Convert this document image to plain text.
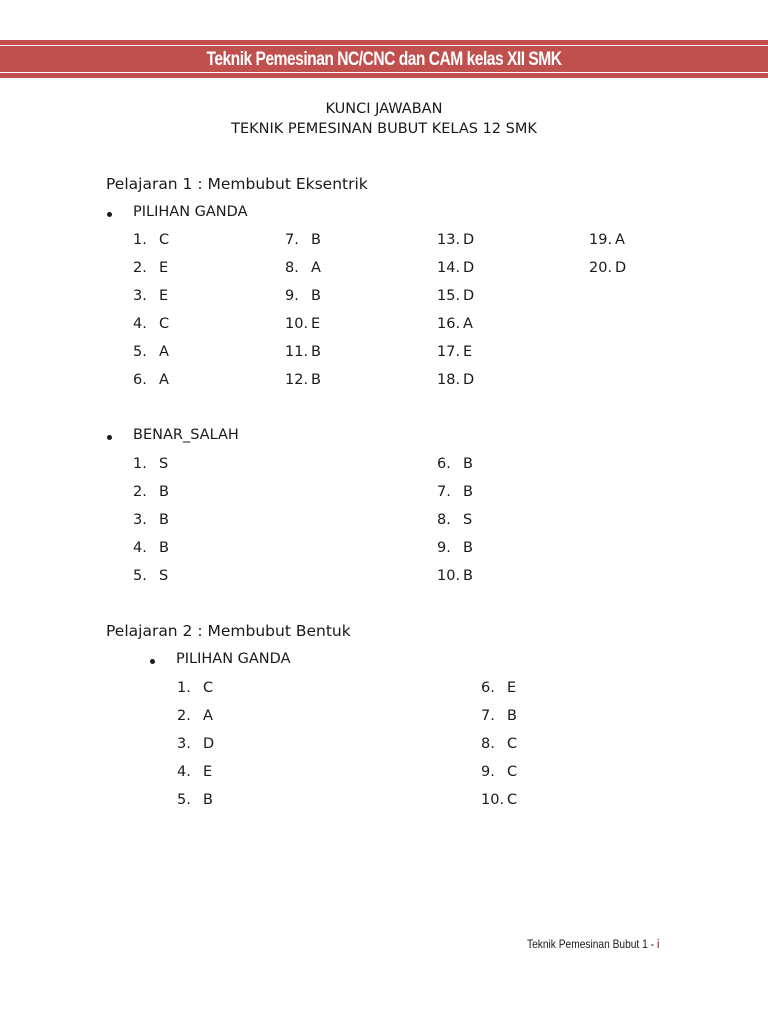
Teknik Pemesinan NC/CNC dan CAM kelas XII SMK
KUNCI JAWABAN
TEKNIK PEMESINAN BUBUT KELAS 12 SMK
Pelajaran 1 : Membubut Eksentrik
PILIHAN GANDA
1. C
2. E
3. E
4. C
5. A
6. A
7. B
8. A
9. B
10. E
11. B
12. B
13. D
14. D
15. D
16. A
17. E
18. D
19. A
20. D
BENAR_SALAH
1. S
2. B
3. B
4. B
5. S
6. B
7. B
8. S
9. B
10. B
Pelajaran 2 : Membubut Bentuk
PILIHAN GANDA
1. C
2. A
3. D
4. E
5. B
6. E
7. B
8. C
9. C
10. C
Teknik Pemesinan Bubut 1 - i
